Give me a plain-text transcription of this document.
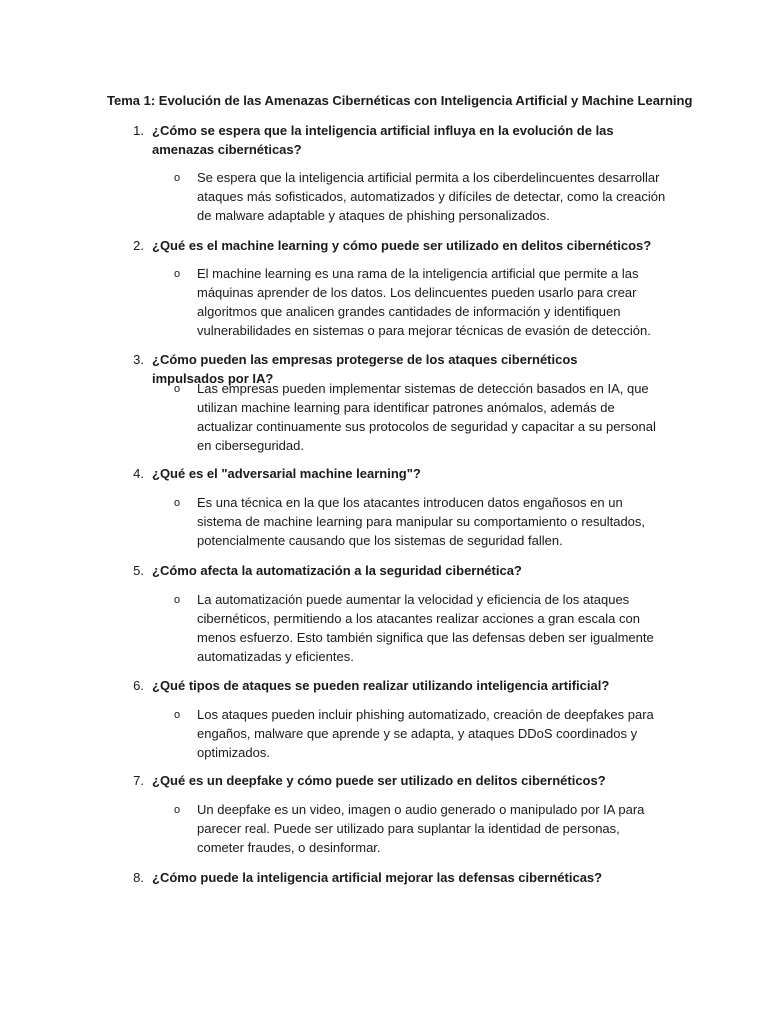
Tema 1: Evolución de las Amenazas Cibernéticas con Inteligencia Artificial y Machine Learning
1. ¿Cómo se espera que la inteligencia artificial influya en la evolución de las amenazas cibernéticas?
o Se espera que la inteligencia artificial permita a los ciberdelincuentes desarrollar ataques más sofisticados, automatizados y difíciles de detectar, como la creación de malware adaptable y ataques de phishing personalizados.
2. ¿Qué es el machine learning y cómo puede ser utilizado en delitos cibernéticos?
o El machine learning es una rama de la inteligencia artificial que permite a las máquinas aprender de los datos. Los delincuentes pueden usarlo para crear algoritmos que analicen grandes cantidades de información y identifiquen vulnerabilidades en sistemas o para mejorar técnicas de evasión de detección.
3. ¿Cómo pueden las empresas protegerse de los ataques cibernéticos impulsados por IA?
o Las empresas pueden implementar sistemas de detección basados en IA, que utilizan machine learning para identificar patrones anómalos, además de actualizar continuamente sus protocolos de seguridad y capacitar a su personal en ciberseguridad.
4. ¿Qué es el "adversarial machine learning"?
o Es una técnica en la que los atacantes introducen datos engañosos en un sistema de machine learning para manipular su comportamiento o resultados, potencialmente causando que los sistemas de seguridad fallen.
5. ¿Cómo afecta la automatización a la seguridad cibernética?
o La automatización puede aumentar la velocidad y eficiencia de los ataques cibernéticos, permitiendo a los atacantes realizar acciones a gran escala con menos esfuerzo. Esto también significa que las defensas deben ser igualmente automatizadas y eficientes.
6. ¿Qué tipos de ataques se pueden realizar utilizando inteligencia artificial?
o Los ataques pueden incluir phishing automatizado, creación de deepfakes para engaños, malware que aprende y se adapta, y ataques DDoS coordinados y optimizados.
7. ¿Qué es un deepfake y cómo puede ser utilizado en delitos cibernéticos?
o Un deepfake es un video, imagen o audio generado o manipulado por IA para parecer real. Puede ser utilizado para suplantar la identidad de personas, cometer fraudes, o desinformar.
8. ¿Cómo puede la inteligencia artificial mejorar las defensas cibernéticas?
